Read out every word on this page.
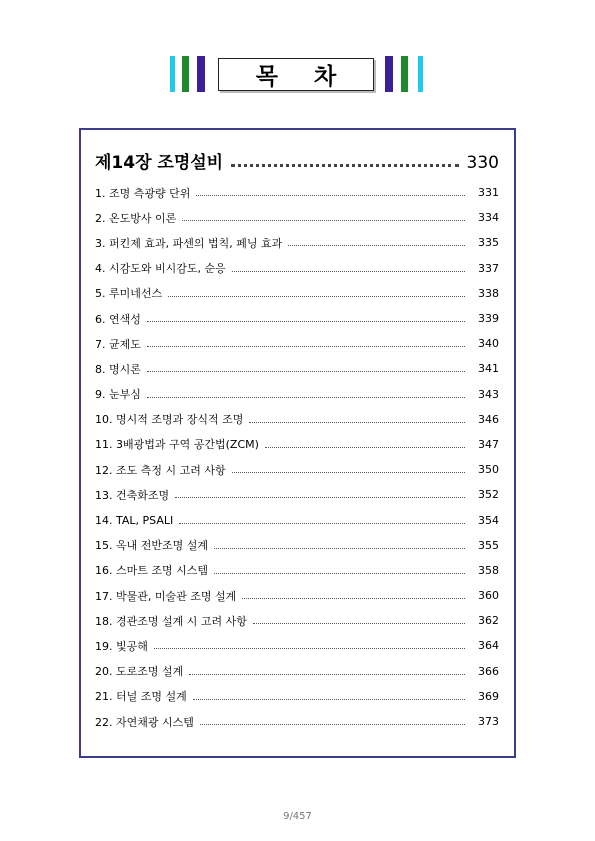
목차
제14장 조명설비	330
1. 조명 측광량 단위	331
2. 온도방사 이론	334
3. 퍼킨제 효과, 파센의 법칙, 페닝 효과	335
4. 시감도와 비시감도, 순응	337
5. 루미네선스	338
6. 연색성	339
7. 균제도	340
8. 명시론	341
9. 눈부심	343
10. 명시적 조명과 장식적 조명	346
11. 3배광법과 구역 공간법(ZCM)	347
12. 조도 측정 시 고려 사항	350
13. 건축화조명	352
14. TAL, PSALI	354
15. 옥내 전반조명 설계	355
16. 스마트 조명 시스템	358
17. 박물관, 미술관 조명 설계	360
18. 경관조명 설계 시 고려 사항	362
19. 빛공해	364
20. 도로조명 설계	366
21. 터널 조명 설계	369
22. 자연채광 시스템	373
9/457
